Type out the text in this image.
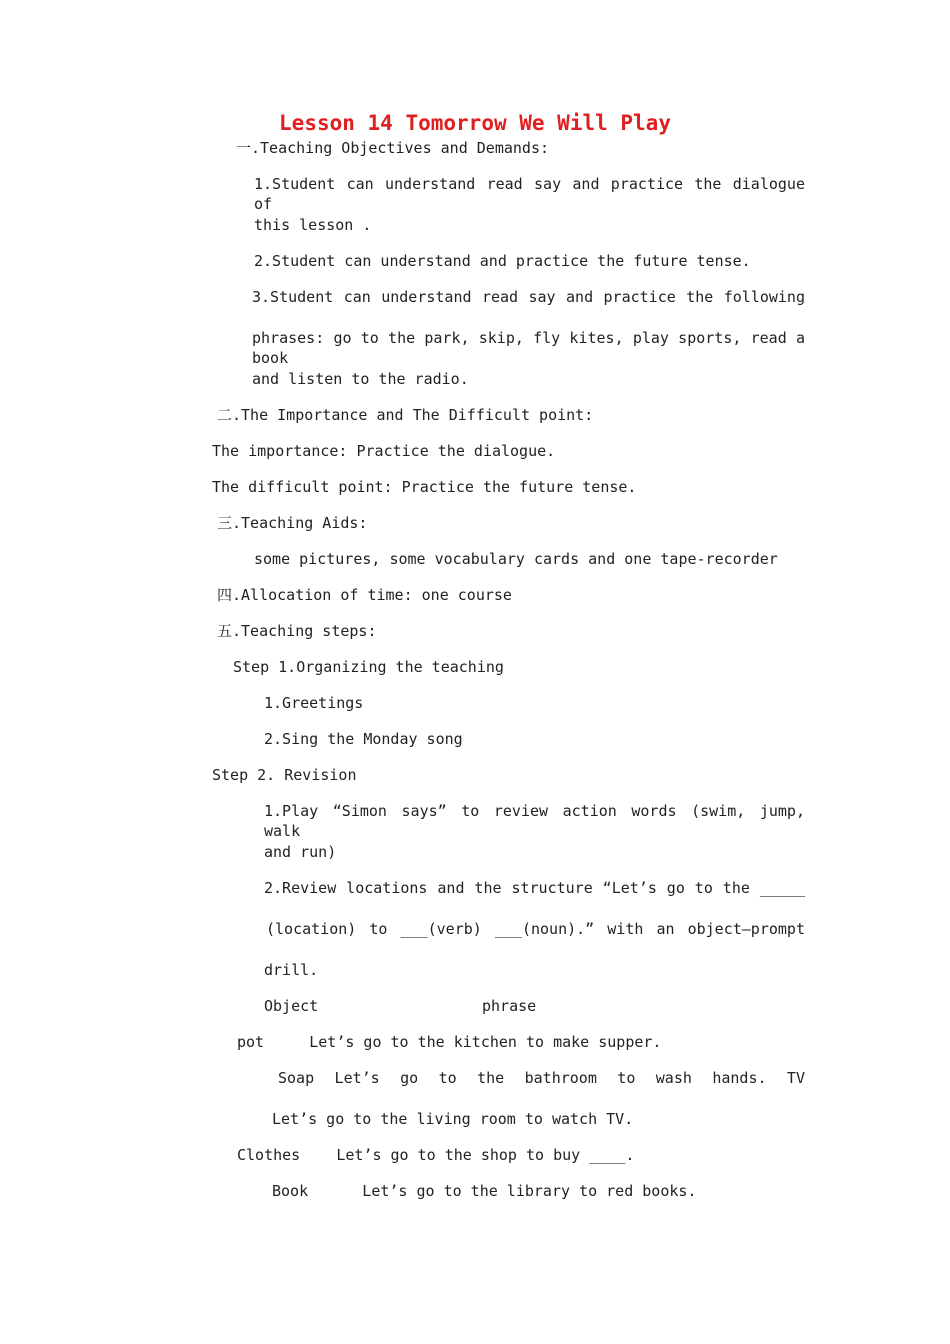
Lesson 14 Tomorrow We Will Play
一.Teaching Objectives and Demands:
1.Student can understand read say and practice the dialogue of
this lesson .
2.Student can understand and practice the future tense.
3.Student can understand read say and practice the following
phrases: go to the park, skip, fly kites, play sports, read a book
and listen to the radio.
二.The Importance and The Difficult point:
The importance: Practice the dialogue.
The difficult point: Practice the future tense.
三.Teaching Aids:
some pictures, some vocabulary cards and one tape-recorder
四.Allocation of time: one course
五.Teaching steps:
Step 1.Organizing the teaching
1.Greetings
2.Sing the Monday song
Step 2. Revision
1.Play “Simon says” to review action words (swim, jump, walk
and run)
2.Review locations and the structure “Let’s go to the _____
(location) to ___(verb) ___(noun).” with an object—prompt
drill.
Object	phrase
pot     Let’s go to the kitchen to make supper.
Soap Let’s go to the bathroom to wash hands. TV
Let’s go to the living room to watch TV.
Clothes    Let’s go to the shop to buy ____.
Book      Let’s go to the library to red books.
